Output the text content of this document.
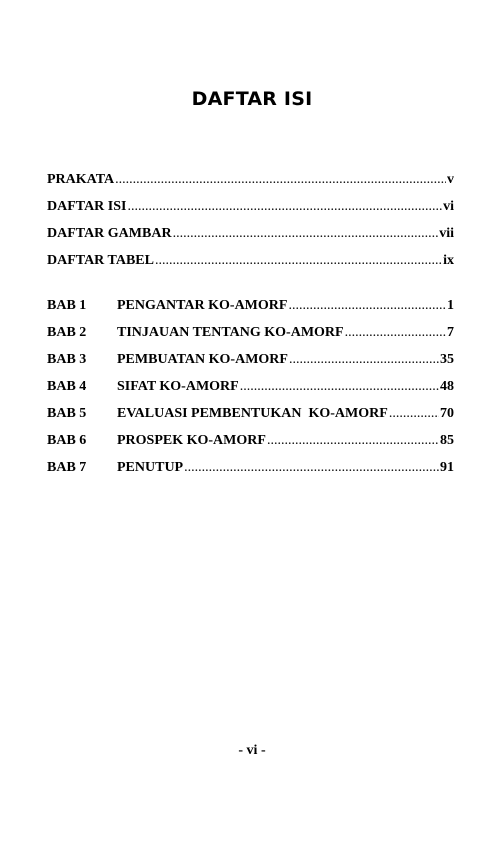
DAFTAR ISI
PRAKATA .....	v
DAFTAR ISI .....	vi
DAFTAR GAMBAR .....	vii
DAFTAR TABEL .....	ix
BAB 1	PENGANTAR KO-AMORF .....	1
BAB 2	TINJAUAN TENTANG KO-AMORF .....	7
BAB 3	PEMBUATAN KO-AMORF .....	35
BAB 4	SIFAT KO-AMORF .....	48
BAB 5	EVALUASI PEMBENTUKAN  KO-AMORF .....	70
BAB 6	PROSPEK KO-AMORF .....	85
BAB 7	PENUTUP .....	91
- vi -
